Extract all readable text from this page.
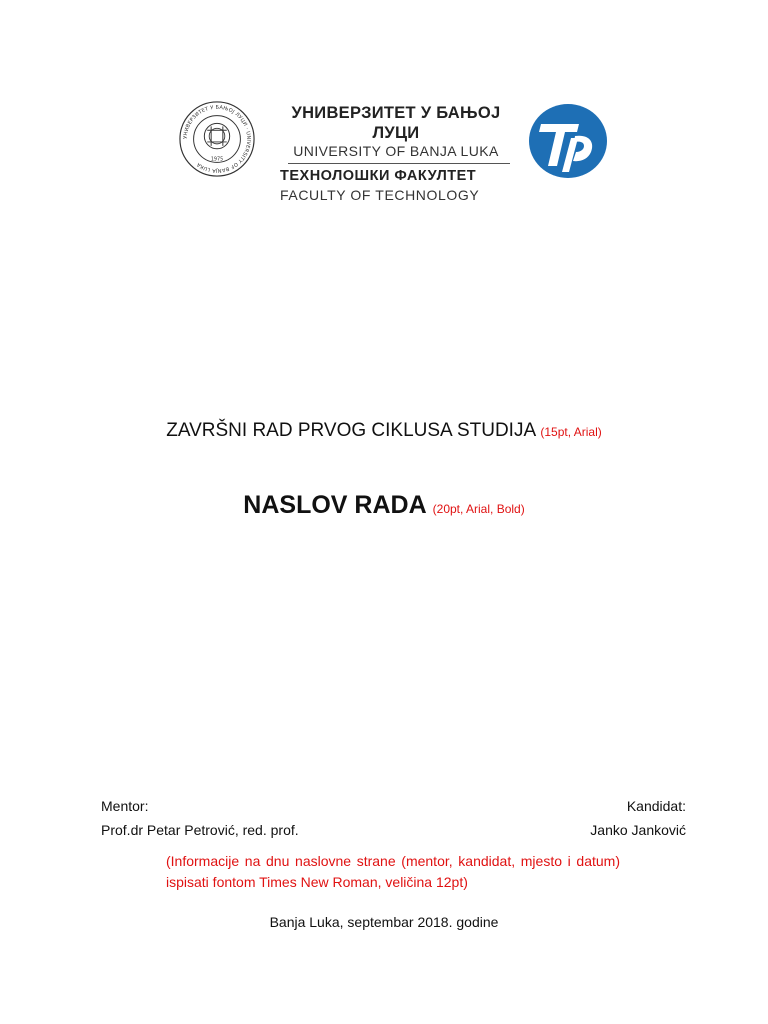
УНИВЕРЗИТЕТ У БАЊОЈ ЛУЦИ · UNIVERSITY OF BANJA LUKA
1975
УНИВЕРЗИТЕТ У БАЊОЈ ЛУЦИ
UNIVERSITY OF BANJA LUKA
ТЕХНОЛОШКИ ФАКУЛТЕТ
FACULTY OF TECHNOLOGY
ZAVRŠNI RAD PRVOG CIKLUSA STUDIJA (15pt, Arial)
NASLOV RADA (20pt, Arial, Bold)
Mentor:	Kandidat:
Prof.dr Petar Petrović, red. prof.	Janko Janković
(Informacije na dnu naslovne strane (mentor, kandidat, mjesto i datum) ispisati fontom Times New Roman, veličina 12pt)
Banja Luka, septembar 2018. godine
